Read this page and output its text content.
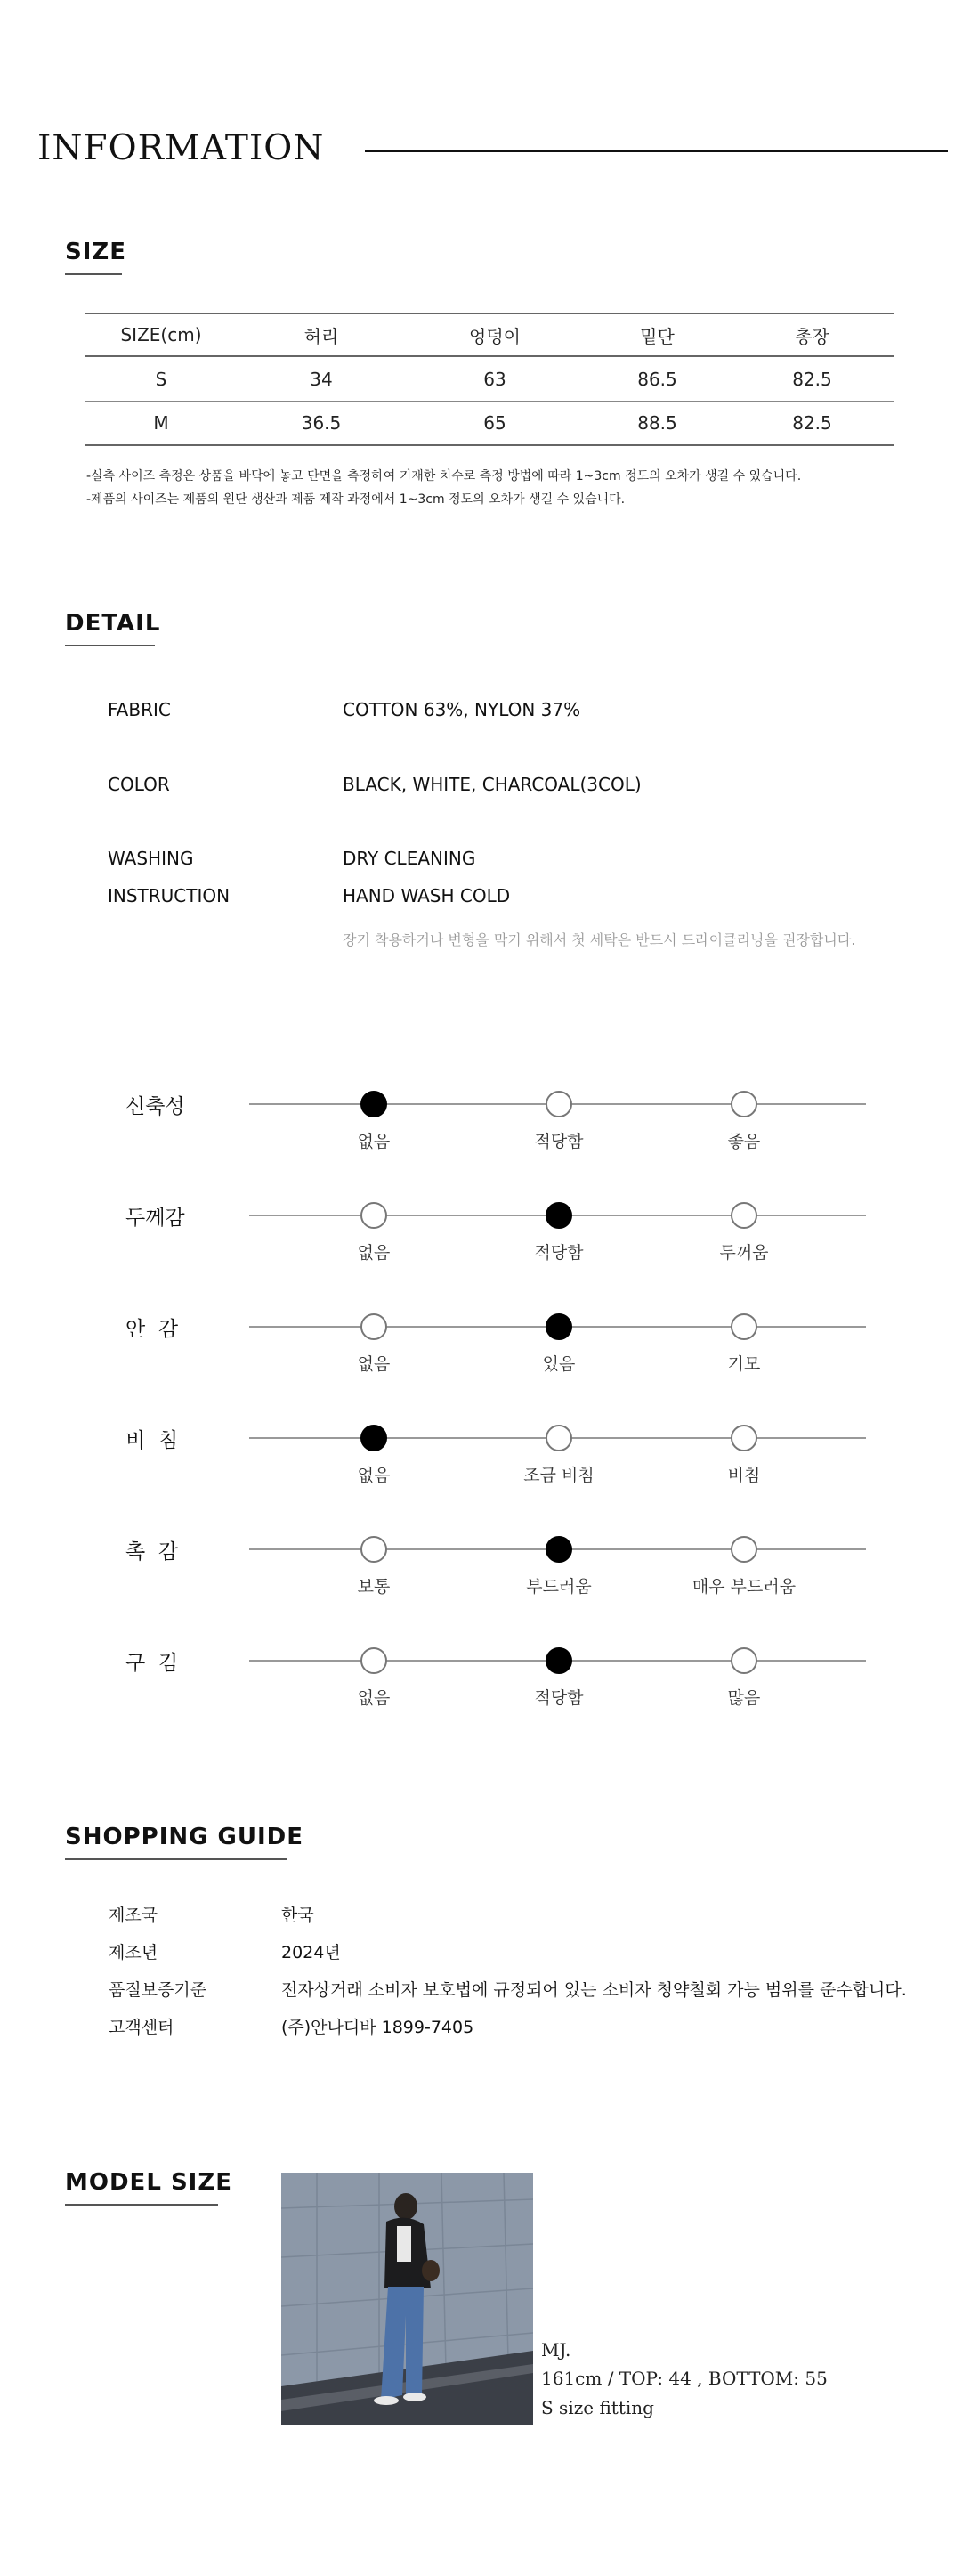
INFORMATION
SIZE
SIZE(cm)	허리	엉덩이	밑단	총장
S	34	63	86.5	82.5
M	36.5	65	88.5	82.5
-실측 사이즈 측정은 상품을 바닥에 놓고 단면을 측정하여 기재한 치수로 측정 방법에 따라 1~3cm 정도의 오차가 생길 수 있습니다.
-제품의 사이즈는 제품의 원단 생산과 제품 제작 과정에서 1~3cm 정도의 오차가 생길 수 있습니다.
DETAIL
FABRIC	COTTON 63%, NYLON 37%
COLOR	BLACK, WHITE, CHARCOAL(3COL)
WASHING	DRY CLEANING
INSTRUCTION	HAND WASH COLD
장기 착용하거나 변형을 막기 위해서 첫 세탁은 반드시 드라이클리닝을 권장합니다.
신축성
없음	적당함	좋음
두께감
없음	적당함	두꺼움
안  감
없음	있음	기모
비  침
없음	조금 비침	비침
촉  감
보통	부드러움	매우 부드러움
구  김
없음	적당함	많음
SHOPPING GUIDE
제조국	한국
제조년	2024년
품질보증기준	전자상거래 소비자 보호법에 규정되어 있는 소비자 청약철회 가능 범위를 준수합니다.
고객센터	(주)안나디바 1899-7405
MODEL SIZE
MJ.
161cm / TOP: 44 , BOTTOM: 55
S size fitting
